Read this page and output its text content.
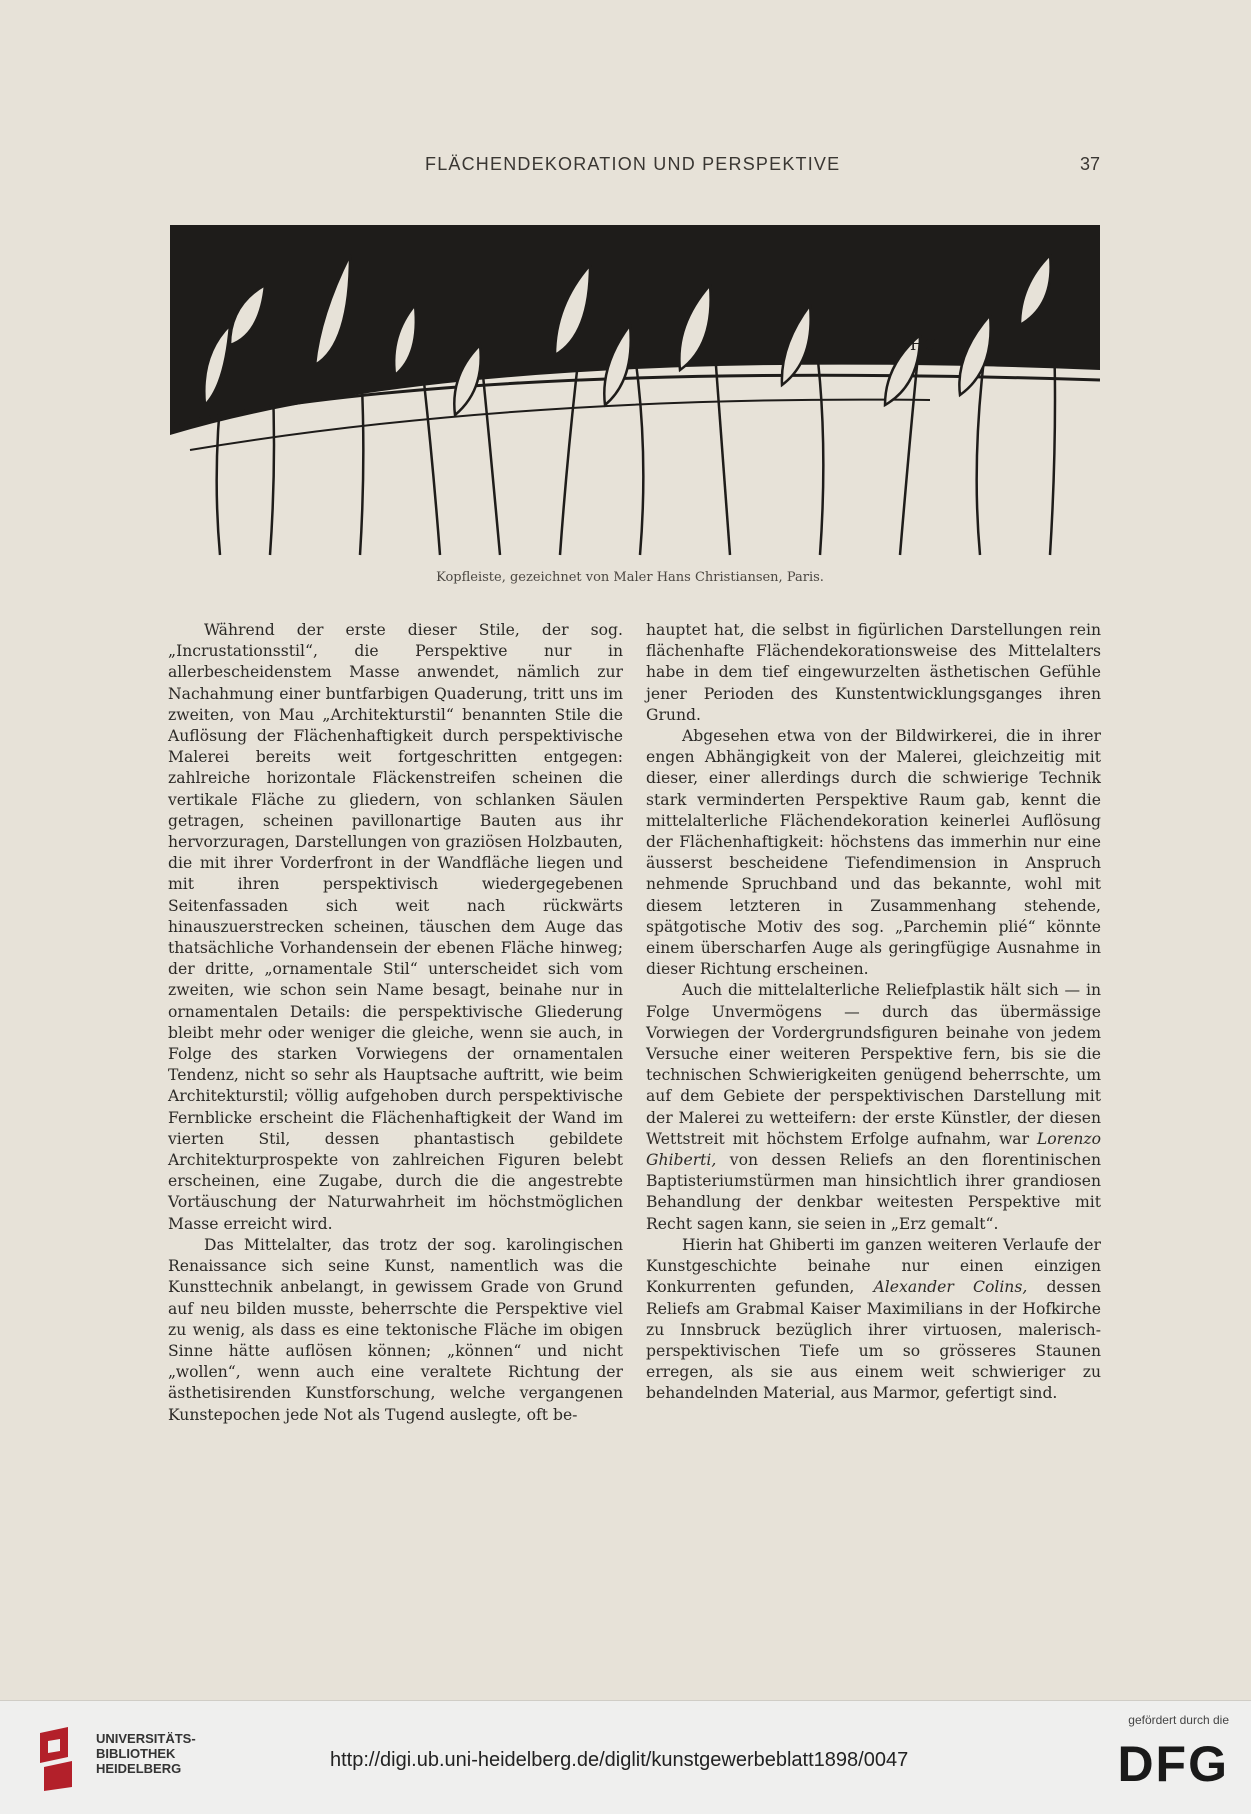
FLÄCHENDEKORATION UND PERSPEKTIVE	37
HC
Kopfleiste, gezeichnet von Maler Hans Christiansen, Paris.

Während der erste dieser Stile, der sog. „Incrustationsstil“, die Perspektive nur in allerbescheidenstem Masse anwendet, nämlich zur Nachahmung einer buntfarbigen Quaderung, tritt uns im zweiten, von Mau „Architekturstil“ benannten Stile die Auflösung der Flächenhaftigkeit durch perspektivische Malerei bereits weit fortgeschritten entgegen: zahlreiche horizontale Fläckenstreifen scheinen die vertikale Fläche zu gliedern, von schlanken Säulen getragen, scheinen pavillonartige Bauten aus ihr hervorzuragen, Darstellungen von graziösen Holzbauten, die mit ihrer Vorderfront in der Wandfläche liegen und mit ihren perspektivisch wiedergegebenen Seitenfassaden sich weit nach rückwärts hinauszuerstrecken scheinen, täuschen dem Auge das thatsächliche Vorhandensein der ebenen Fläche hinweg; der dritte, „ornamentale Stil“ unterscheidet sich vom zweiten, wie schon sein Name besagt, beinahe nur in ornamentalen Details: die perspektivische Gliederung bleibt mehr oder weniger die gleiche, wenn sie auch, in Folge des starken Vorwiegens der ornamentalen Tendenz, nicht so sehr als Hauptsache auftritt, wie beim Architekturstil; völlig aufgehoben durch perspektivische Fernblicke erscheint die Flächenhaftigkeit der Wand im vierten Stil, dessen phantastisch gebildete Architekturprospekte von zahlreichen Figuren belebt erscheinen, eine Zugabe, durch die die angestrebte Vortäuschung der Naturwahrheit im höchstmöglichen Masse erreicht wird.

Das Mittelalter, das trotz der sog. karolingischen Renaissance sich seine Kunst, namentlich was die Kunsttechnik anbelangt, in gewissem Grade von Grund auf neu bilden musste, beherrschte die Perspektive viel zu wenig, als dass es eine tektonische Fläche im obigen Sinne hätte auflösen können; „können“ und nicht „wollen“, wenn auch eine veraltete Richtung der ästhetisirenden Kunstforschung, welche vergangenen Kunstepochen jede Not als Tugend auslegte, oft be-

hauptet hat, die selbst in figürlichen Darstellungen rein flächenhafte Flächendekorationsweise des Mittelalters habe in dem tief eingewurzelten ästhetischen Gefühle jener Perioden des Kunstentwicklungsganges ihren Grund.

Abgesehen etwa von der Bildwirkerei, die in ihrer engen Abhängigkeit von der Malerei, gleichzeitig mit dieser, einer allerdings durch die schwierige Technik stark verminderten Perspektive Raum gab, kennt die mittelalterliche Flächendekoration keinerlei Auflösung der Flächenhaftigkeit: höchstens das immerhin nur eine äusserst bescheidene Tiefendimension in Anspruch nehmende Spruchband und das bekannte, wohl mit diesem letzteren in Zusammenhang stehende, spätgotische Motiv des sog. „Parchemin plié“ könnte einem überscharfen Auge als geringfügige Ausnahme in dieser Richtung erscheinen.

Auch die mittelalterliche Reliefplastik hält sich — in Folge Unvermögens — durch das übermässige Vorwiegen der Vordergrundsfiguren beinahe von jedem Versuche einer weiteren Perspektive fern, bis sie die technischen Schwierigkeiten genügend beherrschte, um auf dem Gebiete der perspektivischen Darstellung mit der Malerei zu wetteifern: der erste Künstler, der diesen Wettstreit mit höchstem Erfolge aufnahm, war Lorenzo Ghiberti, von dessen Reliefs an den florentinischen Baptisteriumstürmen man hinsichtlich ihrer grandiosen Behandlung der denkbar weitesten Perspektive mit Recht sagen kann, sie seien in „Erz gemalt“.

Hierin hat Ghiberti im ganzen weiteren Verlaufe der Kunstgeschichte beinahe nur einen einzigen Konkurrenten gefunden, Alexander Colins, dessen Reliefs am Grabmal Kaiser Maximilians in der Hofkirche zu Innsbruck bezüglich ihrer virtuosen, malerisch-perspektivischen Tiefe um so grösseres Staunen erregen, als sie aus einem weit schwieriger zu behandelnden Material, aus Marmor, gefertigt sind.

UNIVERSITÄTS-
BIBLIOTHEK
HEIDELBERG	http://digi.ub.uni-heidelberg.de/diglit/kunstgewerbeblatt1898/0047
gefördert durch die
DFG
